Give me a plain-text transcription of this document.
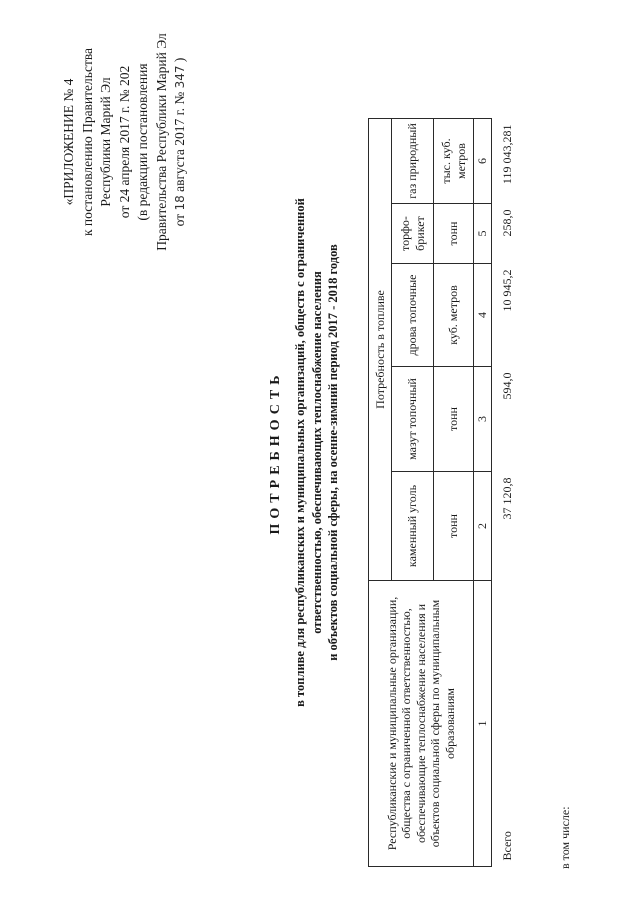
«ПРИЛОЖЕНИЕ № 4 к постановлению Правительства Республики Марий Эл от 24 апреля 2017 г. № 202 (в редакции постановления Правительства Республики Марий Эл от 18 августа 2017 г. № 347 )
ПОТРЕБНОСТЬ в топливе для республиканских и муниципальных организаций, обществ с ограниченной ответственностью, обеспечивающих теплоснабжение населения и объектов социальной сферы, на осенне-зимний период 2017 - 2018 годов
Республиканские и муниципальные организации, общества с ограниченной ответственностью, обеспечивающие теплоснабжение населения и объектов социальной сферы по муниципальным образованиям	Потребность в топливе				
	каменный уголь	мазут топочный	дрова топочные	торфо-брикет	газ природный
	тонн	тонн	куб. метров	тонн	тыс. куб. метров
1	2	3	4	5	6
Всего	37 120,8	594,0	10 945,2	258,0	119 043,281
в том числе:
